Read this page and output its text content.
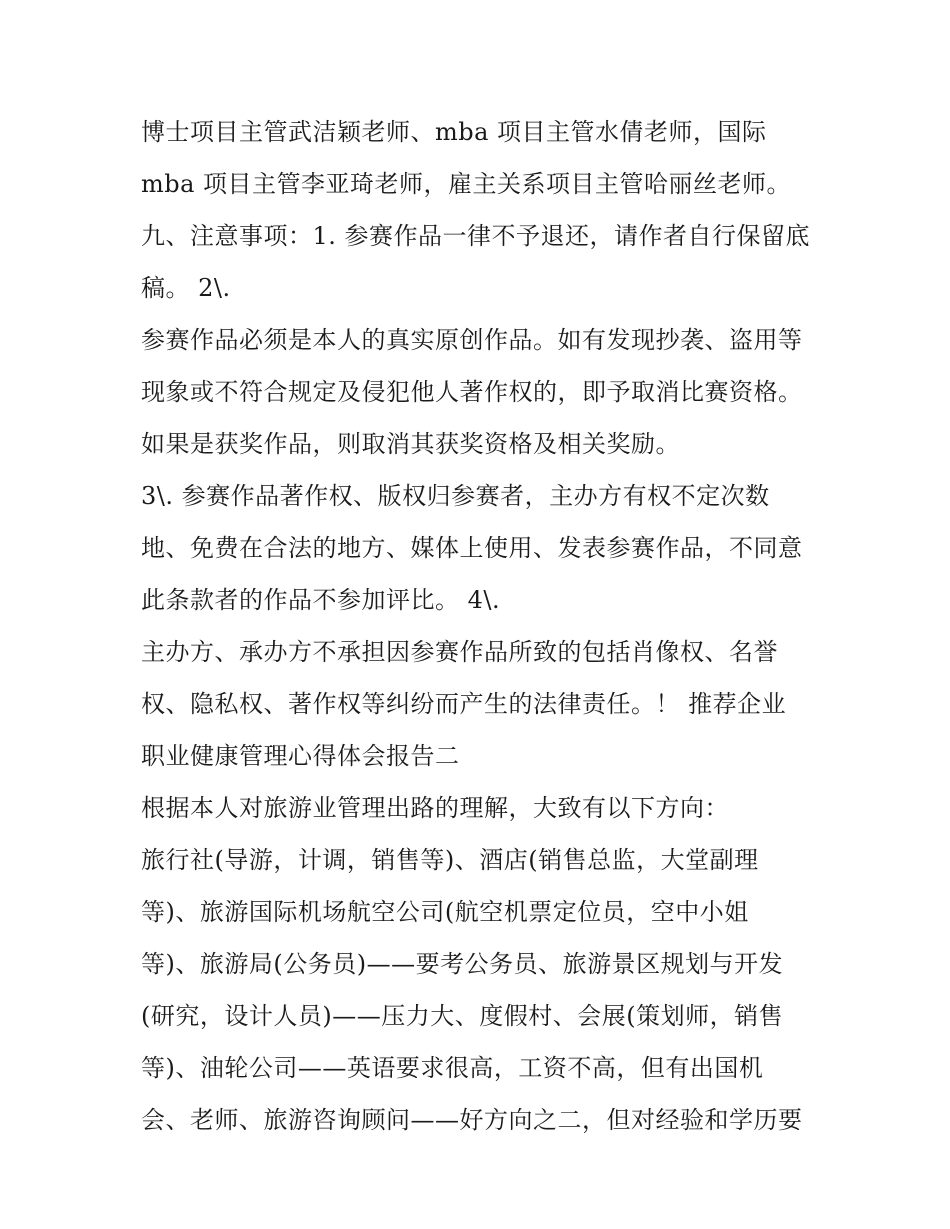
博士项目主管武洁颖老师、mba 项目主管水倩老师，国际
mba 项目主管李亚琦老师，雇主关系项目主管哈丽丝老师。
九、注意事项：1. 参赛作品一律不予退还，请作者自行保留底
稿。 2\.
参赛作品必须是本人的真实原创作品。如有发现抄袭、盗用等
现象或不符合规定及侵犯他人著作权的，即予取消比赛资格。
如果是获奖作品，则取消其获奖资格及相关奖励。
3\. 参赛作品著作权、版权归参赛者，主办方有权不定次数
地、免费在合法的地方、媒体上使用、发表参赛作品，不同意
此条款者的作品不参加评比。 4\.
主办方、承办方不承担因参赛作品所致的包括肖像权、名誉
权、隐私权、著作权等纠纷而产生的法律责任。！ 推荐企业
职业健康管理心得体会报告二
根据本人对旅游业管理出路的理解，大致有以下方向：
旅行社(导游，计调，销售等)、酒店(销售总监，大堂副理
等)、旅游国际机场航空公司(航空机票定位员，空中小姐
等)、旅游局(公务员)——要考公务员、旅游景区规划与开发
(研究，设计人员)——压力大、度假村、会展(策划师，销售
等)、油轮公司——英语要求很高，工资不高，但有出国机
会、老师、旅游咨询顾问——好方向之二，但对经验和学历要
